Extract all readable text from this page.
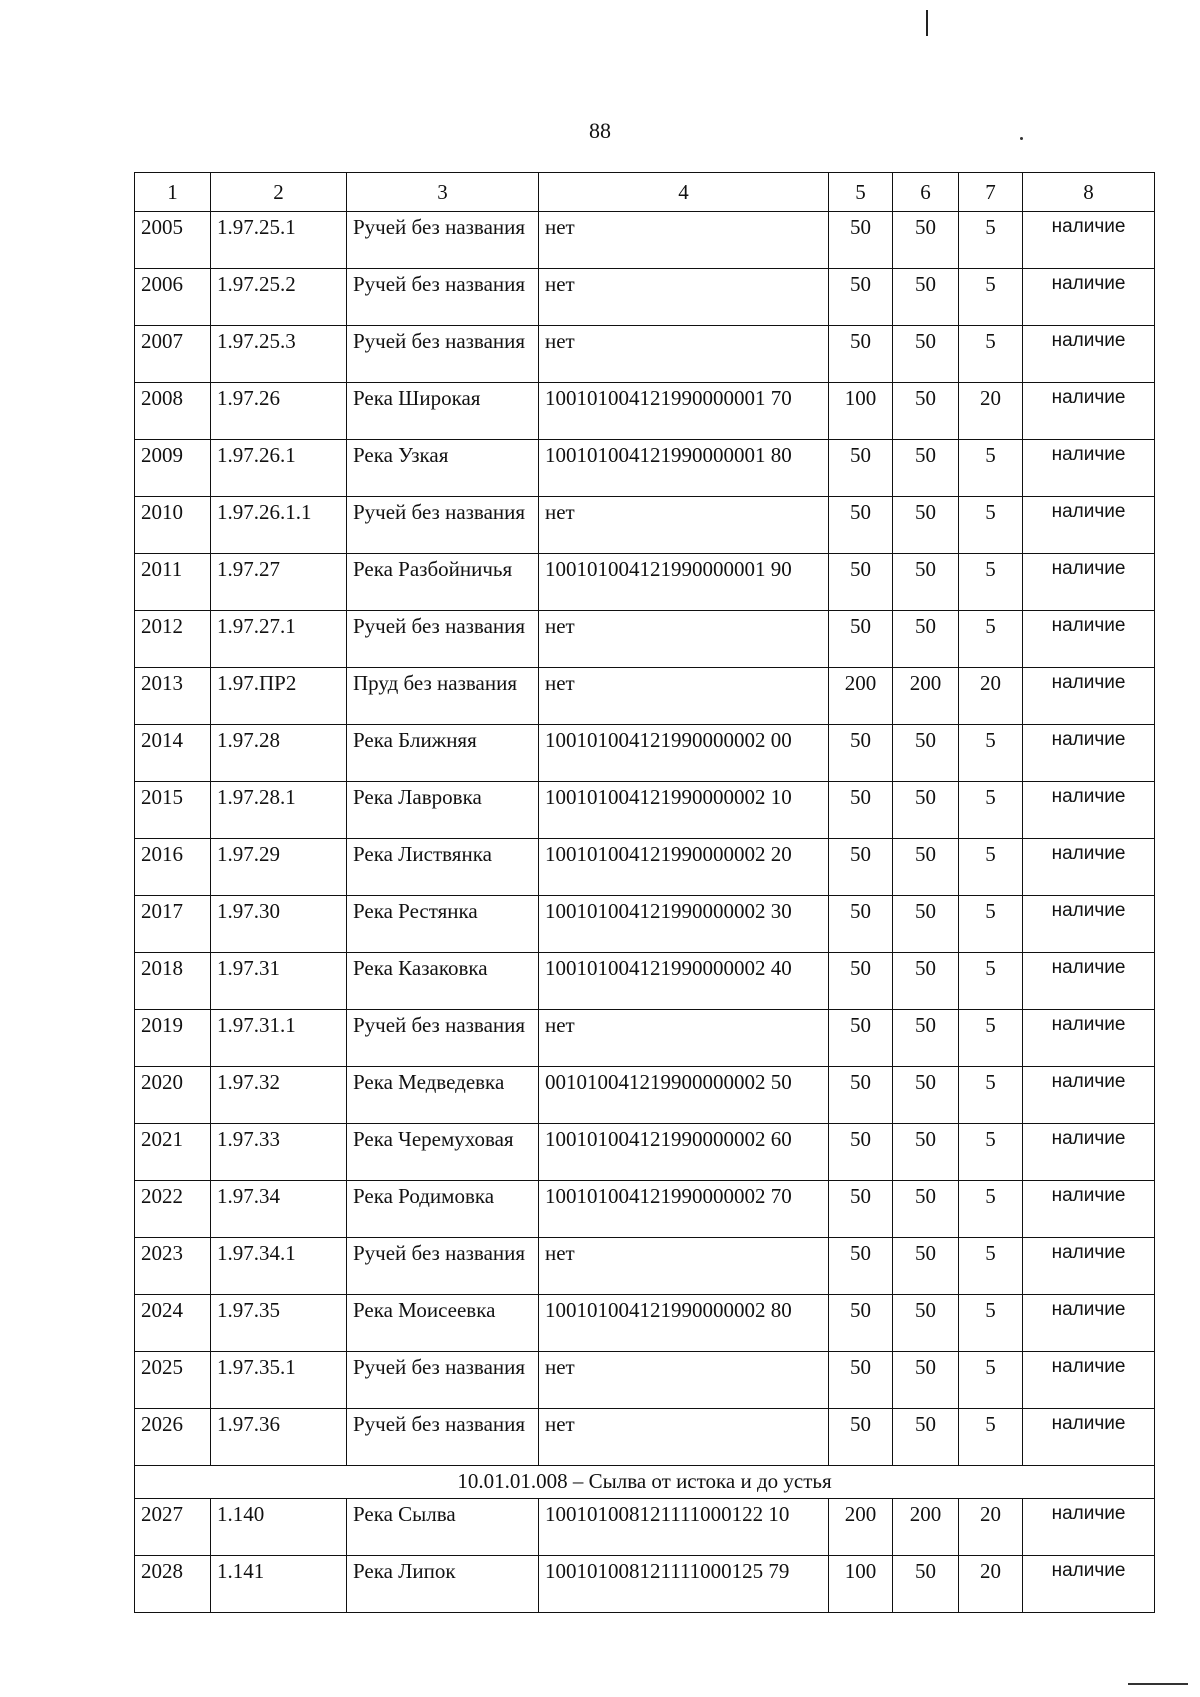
88
1	2	3	4	5	6	7	8
2005	1.97.25.1	Ручей без названия	нет	50	50	5	наличие
2006	1.97.25.2	Ручей без названия	нет	50	50	5	наличие
2007	1.97.25.3	Ручей без названия	нет	50	50	5	наличие
2008	1.97.26	Река Широкая	100101004121990000001 70	100	50	20	наличие
2009	1.97.26.1	Река Узкая	100101004121990000001 80	50	50	5	наличие
2010	1.97.26.1.1	Ручей без названия	нет	50	50	5	наличие
2011	1.97.27	Река Разбойничья	100101004121990000001 90	50	50	5	наличие
2012	1.97.27.1	Ручей без названия	нет	50	50	5	наличие
2013	1.97.ПР2	Пруд без названия	нет	200	200	20	наличие
2014	1.97.28	Река Ближняя	100101004121990000002 00	50	50	5	наличие
2015	1.97.28.1	Река Лавровка	100101004121990000002 10	50	50	5	наличие
2016	1.97.29	Река Листвянка	100101004121990000002 20	50	50	5	наличие
2017	1.97.30	Река Рестянка	100101004121990000002 30	50	50	5	наличие
2018	1.97.31	Река Казаковка	100101004121990000002 40	50	50	5	наличие
2019	1.97.31.1	Ручей без названия	нет	50	50	5	наличие
2020	1.97.32	Река Медведевка	001010041219900000002 50	50	50	5	наличие
2021	1.97.33	Река Черемуховая	100101004121990000002 60	50	50	5	наличие
2022	1.97.34	Река Родимовка	100101004121990000002 70	50	50	5	наличие
2023	1.97.34.1	Ручей без названия	нет	50	50	5	наличие
2024	1.97.35	Река Моисеевка	100101004121990000002 80	50	50	5	наличие
2025	1.97.35.1	Ручей без названия	нет	50	50	5	наличие
2026	1.97.36	Ручей без названия	нет	50	50	5	наличие
10.01.01.008 – Сылва от истока и до устья							
2027	1.140	Река Сылва	100101008121111000122 10	200	200	20	наличие
2028	1.141	Река Липок	100101008121111000125 79	100	50	20	наличие
